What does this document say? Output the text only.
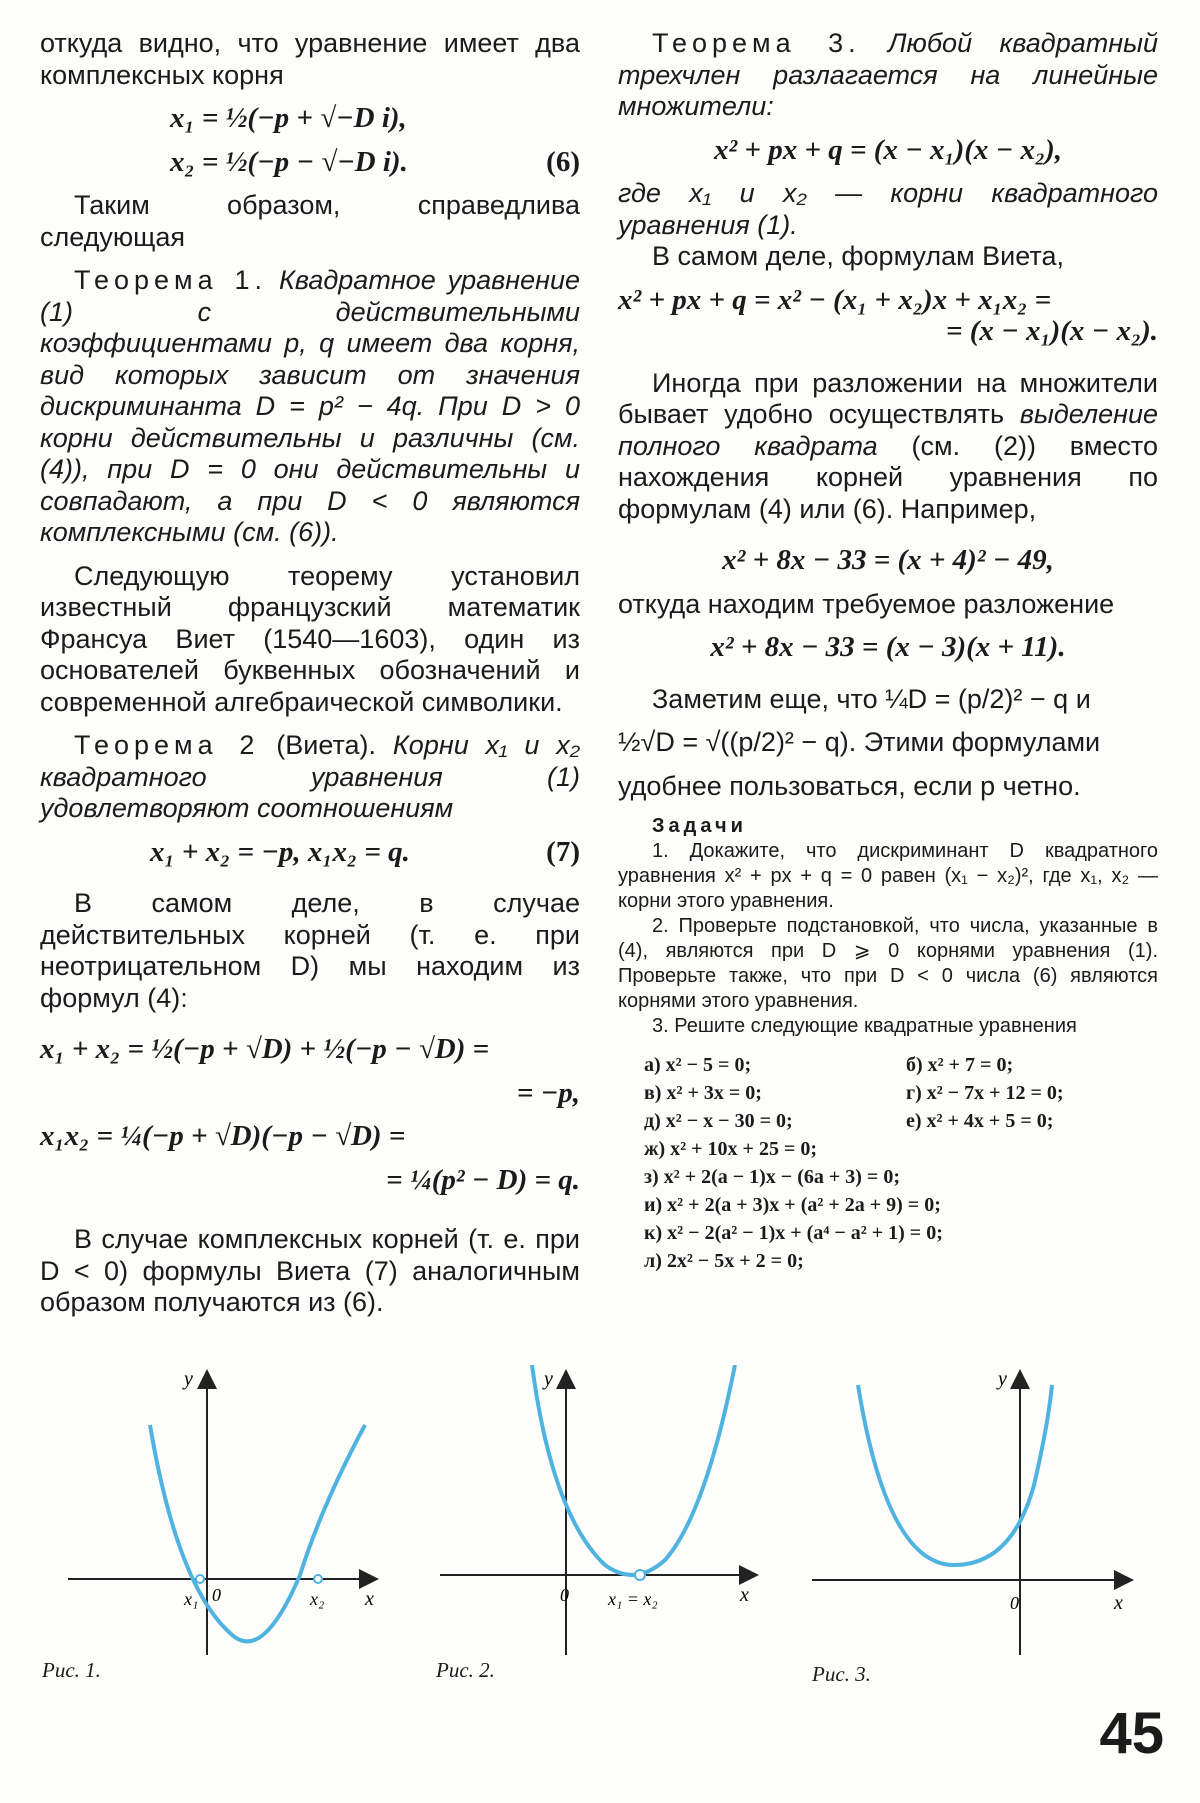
откуда видно, что уравнение имеет два комплексных корня

x₁ = ½(−p + √−D i),
x₂ = ½(−p − √−D i).	(6)

Таким образом, справедлива следующая

Теорема 1. Квадратное уравнение (1) с действительными коэффициентами p, q имеет два корня, вид которых зависит от значения дискриминанта D = p² − 4q. При D > 0 корни действительны и различны (см. (4)), при D = 0 они действительны и совпадают, а при D < 0 являются комплексными (см. (6)).

Следующую теорему установил известный французский математик Франсуа Виет (1540—1603), один из основателей буквенных обозначений и современной алгебраической символики.

Теорема 2 (Виета). Корни x₁ и x₂ квадратного уравнения (1) удовлетворяют соотношениям

x₁ + x₂ = −p, x₁x₂ = q.	(7)

В самом деле, в случае действительных корней (т. е. при неотрицательном D) мы находим из формул (4):

x₁ + x₂ = ½(−p + √D) + ½(−p − √D) =
= −p,
x₁x₂ = ¼(−p + √D)(−p − √D) =
= ¼(p² − D) = q.

В случае комплексных корней (т. е. при D < 0) формулы Виета (7) аналогичным образом получаются из (6).

Теорема 3. Любой квадратный трехчлен разлагается на линейные множители:

x² + px + q = (x − x₁)(x − x₂),

где x₁ и x₂ — корни квадратного уравнения (1).

В самом деле, формулам Виета,

x² + px + q = x² − (x₁ + x₂)x + x₁x₂ =
= (x − x₁)(x − x₂).

Иногда при разложении на множители бывает удобно осуществлять выделение полного квадрата (см. (2)) вместо нахождения корней уравнения по формулам (4) или (6). Например,

x² + 8x − 33 = (x + 4)² − 49,

откуда находим требуемое разложение

x² + 8x − 33 = (x − 3)(x + 11).

Заметим еще, что ¼D = (p/2)² − q и

½√D = √((p/2)² − q). Этими формулами

удобнее пользоваться, если p четно.

Задачи

1. Докажите, что дискриминант D квадратного уравнения x² + px + q = 0 равен (x₁ − x₂)², где x₁, x₂ — корни этого уравнения.

2. Проверьте подстановкой, что числа, указанные в (4), являются при D ⩾ 0 корнями уравнения (1). Проверьте также, что при D < 0 числа (6) являются корнями этого уравнения.

3. Решите следующие квадратные уравнения

а) x² − 5 = 0;	б) x² + 7 = 0;
в) x² + 3x = 0;	г) x² − 7x + 12 = 0;
д) x² − x − 30 = 0;	е) x² + 4x + 5 = 0;
ж) x² + 10x + 25 = 0;
з) x² + 2(a − 1)x − (6a + 3) = 0;
и) x² + 2(a + 3)x + (a² + 2a + 9) = 0;
к) x² − 2(a² − 1)x + (a⁴ − a² + 1) = 0;
л) 2x² − 5x + 2 = 0;
x₁ 0	x₂ x
y
Рис. 1.
0 x₁ = x₂	x
y
Рис. 2.
0	x
y
Рис. 3.
45
